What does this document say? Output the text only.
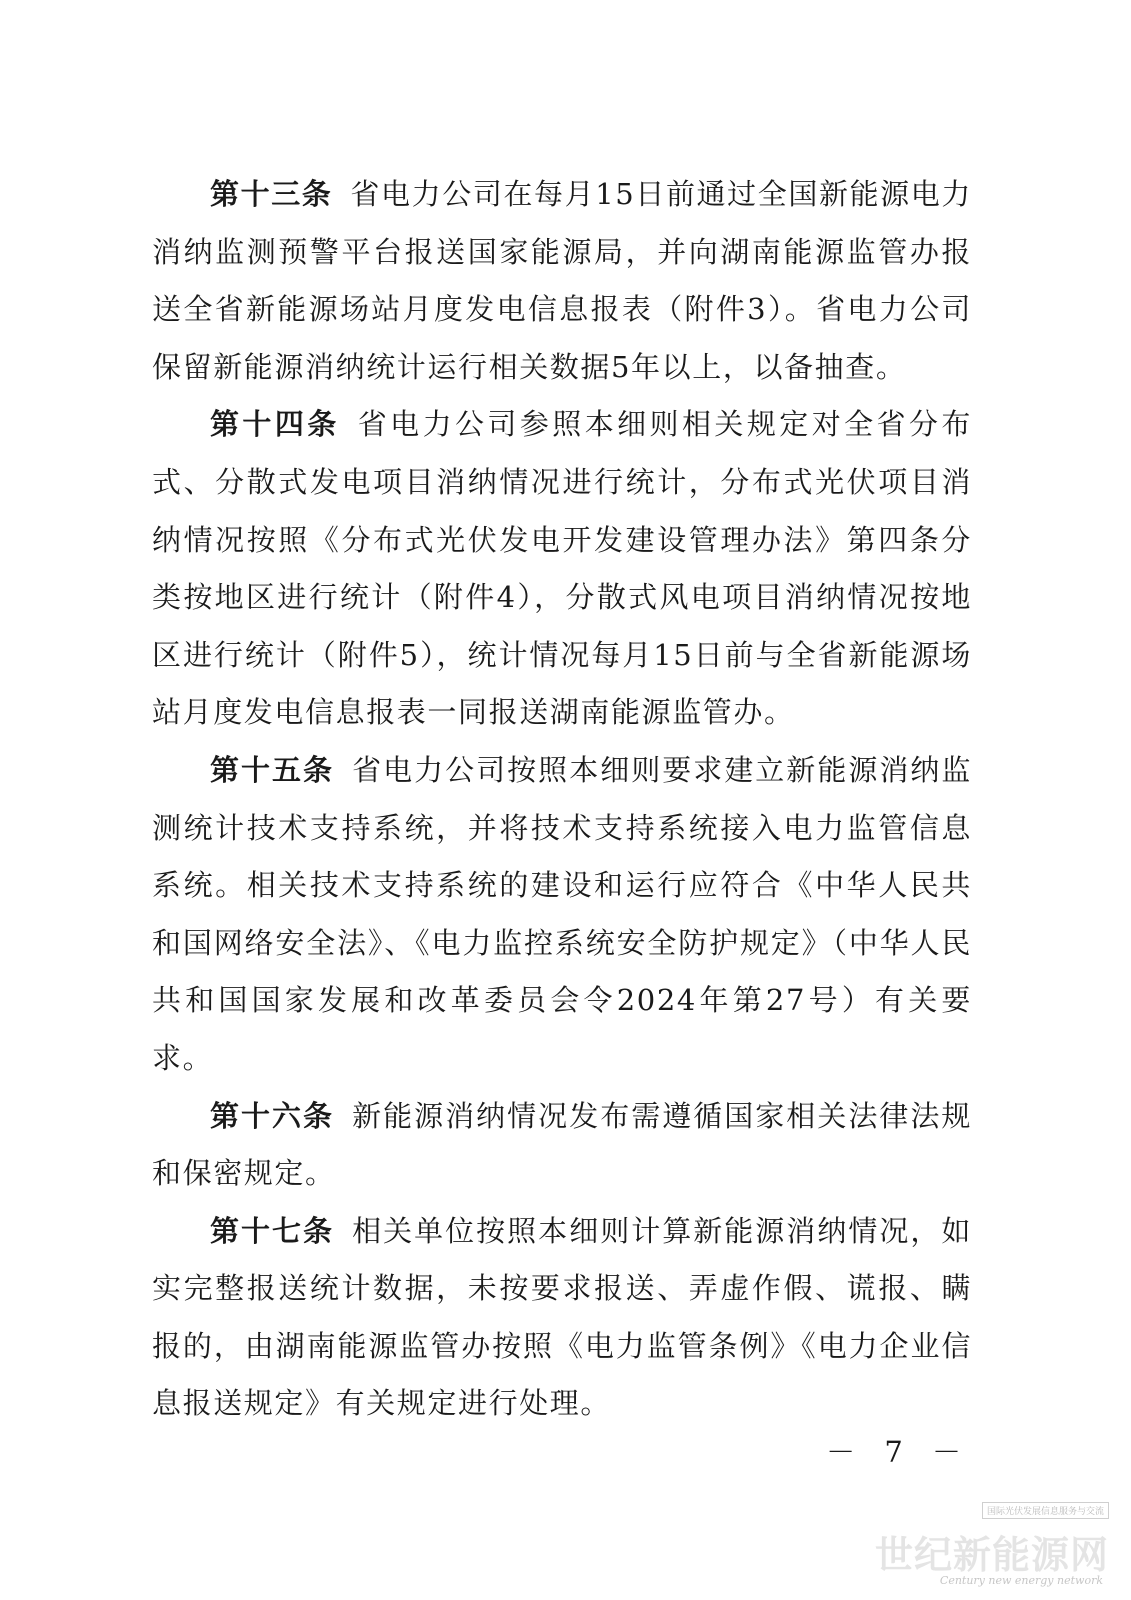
第十三条 省电力公司在每月15日前通过全国新能源电力消纳监测预警平台报送国家能源局，并向湖南能源监管办报送全省新能源场站月度发电信息报表（附件3）。省电力公司保留新能源消纳统计运行相关数据5年以上，以备抽查。

第十四条 省电力公司参照本细则相关规定对全省分布式、分散式发电项目消纳情况进行统计，分布式光伏项目消纳情况按照《分布式光伏发电开发建设管理办法》第四条分类按地区进行统计（附件4），分散式风电项目消纳情况按地区进行统计（附件5），统计情况每月15日前与全省新能源场站月度发电信息报表一同报送湖南能源监管办。

第十五条 省电力公司按照本细则要求建立新能源消纳监测统计技术支持系统，并将技术支持系统接入电力监管信息系统。相关技术支持系统的建设和运行应符合《中华人民共和国网络安全法》、《电力监控系统安全防护规定》（中华人民共和国国家发展和改革委员会令2024年第27号）有关要求。

第十六条 新能源消纳情况发布需遵循国家相关法律法规和保密规定。

第十七条 相关单位按照本细则计算新能源消纳情况，如实完整报送统计数据，未按要求报送、弄虚作假、谎报、瞒报的，由湖南能源监管办按照《电力监管条例》《电力企业信息报送规定》有关规定进行处理。

－ 7 －
国际光伏发展信息服务与交流
世纪新能源网
Century new energy network
